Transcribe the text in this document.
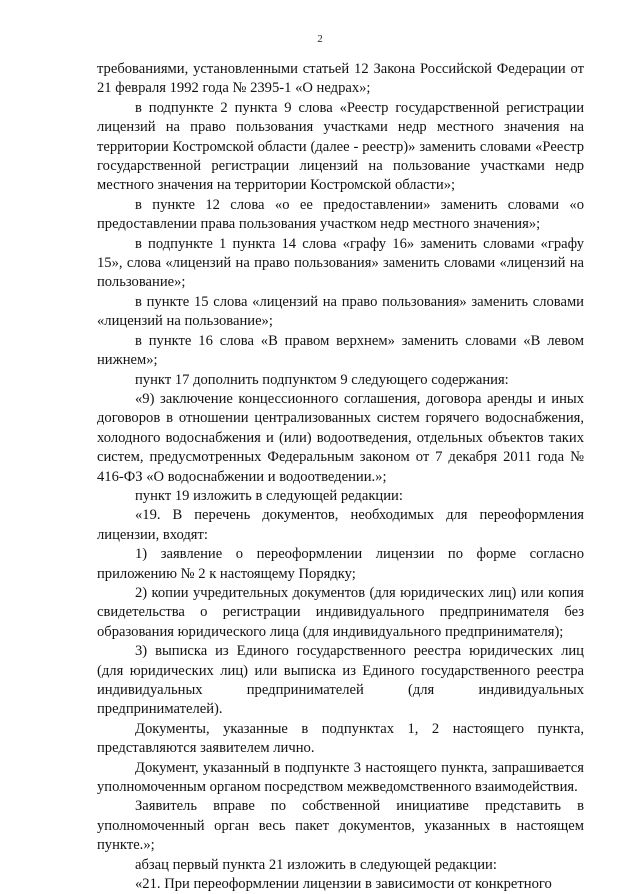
2

требованиями, установленными статьей 12 Закона Российской Федерации от 21 февраля 1992 года № 2395-1 «О недрах»;

в подпункте 2 пункта 9 слова «Реестр государственной регистрации лицензий на право пользования участками недр местного значения на территории Костромской области (далее - реестр)» заменить словами «Реестр государственной регистрации лицензий на пользование участками недр местного значения на территории Костромской области»;

в пункте 12 слова «о ее предоставлении» заменить словами «о предоставлении права пользования участком недр местного значения»;

в подпункте 1 пункта 14 слова «графу 16» заменить словами «графу 15», слова «лицензий на право пользования» заменить словами «лицензий на пользование»;

в пункте 15 слова «лицензий на право пользования» заменить словами «лицензий на пользование»;

в пункте 16 слова «В правом верхнем» заменить словами «В левом нижнем»;

пункт 17 дополнить подпунктом 9 следующего содержания:

«9) заключение концессионного соглашения, договора аренды и иных договоров в отношении централизованных систем горячего водоснабжения, холодного водоснабжения и (или) водоотведения, отдельных объектов таких систем, предусмотренных Федеральным законом от 7 декабря 2011 года № 416-ФЗ «О водоснабжении и водоотведении.»;

пункт 19 изложить в следующей редакции:

«19. В перечень документов, необходимых для переоформления лицензии, входят:

1) заявление о переоформлении лицензии по форме согласно приложению № 2 к настоящему Порядку;

2) копии учредительных документов (для юридических лиц) или копия свидетельства о регистрации индивидуального предпринимателя без образования юридического лица (для индивидуального предпринимателя);

3) выписка из Единого государственного реестра юридических лиц (для юридических лиц) или выписка из Единого государственного реестра индивидуальных предпринимателей (для индивидуальных предпринимателей).

Документы, указанные в подпунктах 1, 2 настоящего пункта, представляются заявителем лично.

Документ, указанный в подпункте 3 настоящего пункта, запрашивается уполномоченным органом посредством межведомственного взаимодействия.

Заявитель вправе по собственной инициативе представить в уполномоченный орган весь пакет документов, указанных в настоящем пункте.»;

абзац первый пункта 21 изложить в следующей редакции:

«21. При переоформлении лицензии в зависимости от конкретного
